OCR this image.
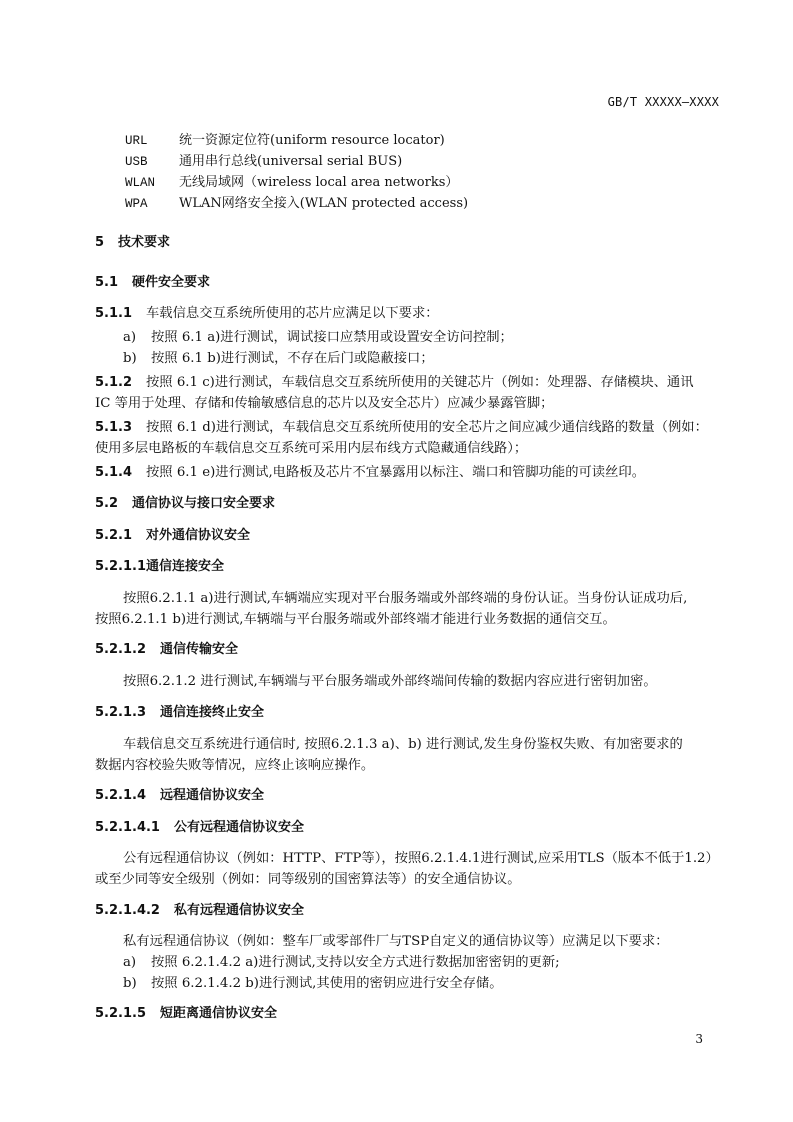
GB/T XXXXX—XXXX
URL 统一资源定位符(uniform resource locator)
USB 通用串行总线(universal serial BUS)
WLAN 无线局域网（wireless local area networks）
WPA WLAN网络安全接入(WLAN protected access)
5 技术要求
5.1 硬件安全要求
5.1.1 车载信息交互系统所使用的芯片应满足以下要求：
a) 按照 6.1 a)进行测试，调试接口应禁用或设置安全访问控制；
b) 按照 6.1 b)进行测试，不存在后门或隐蔽接口；
5.1.2 按照 6.1 c)进行测试，车载信息交互系统所使用的关键芯片（例如：处理器、存储模块、通讯
IC 等用于处理、存储和传输敏感信息的芯片以及安全芯片）应减少暴露管脚；
5.1.3 按照 6.1 d)进行测试，车载信息交互系统所使用的安全芯片之间应减少通信线路的数量（例如：
使用多层电路板的车载信息交互系统可采用内层布线方式隐藏通信线路）；
5.1.4 按照 6.1 e)进行测试,电路板及芯片不宜暴露用以标注、端口和管脚功能的可读丝印。
5.2 通信协议与接口安全要求
5.2.1 对外通信协议安全
5.2.1.1通信连接安全
按照6.2.1.1 a)进行测试,车辆端应实现对平台服务端或外部终端的身份认证。当身份认证成功后,
按照6.2.1.1 b)进行测试,车辆端与平台服务端或外部终端才能进行业务数据的通信交互。
5.2.1.2 通信传输安全
按照6.2.1.2 进行测试,车辆端与平台服务端或外部终端间传输的数据内容应进行密钥加密。
5.2.1.3 通信连接终止安全
车载信息交互系统进行通信时, 按照6.2.1.3 a)、b) 进行测试,发生身份鉴权失败、有加密要求的
数据内容校验失败等情况，应终止该响应操作。
5.2.1.4 远程通信协议安全
5.2.1.4.1 公有远程通信协议安全
公有远程通信协议（例如：HTTP、FTP等），按照6.2.1.4.1进行测试,应采用TLS（版本不低于1.2）
或至少同等安全级别（例如：同等级别的国密算法等）的安全通信协议。
5.2.1.4.2 私有远程通信协议安全
私有远程通信协议（例如：整车厂或零部件厂与TSP自定义的通信协议等）应满足以下要求：
a) 按照 6.2.1.4.2 a)进行测试,支持以安全方式进行数据加密密钥的更新;
b) 按照 6.2.1.4.2 b)进行测试,其使用的密钥应进行安全存储。
5.2.1.5 短距离通信协议安全
3
